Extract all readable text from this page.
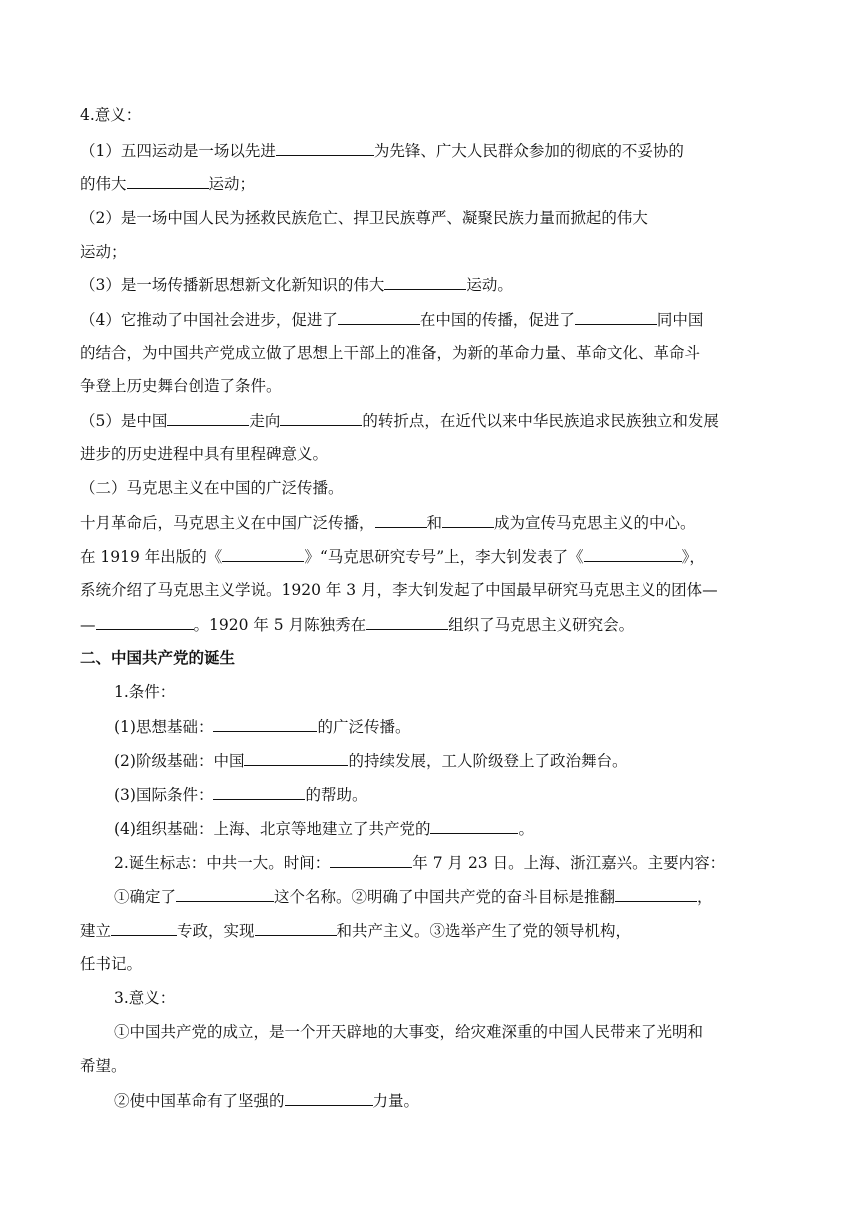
4.意义：
（1）五四运动是一场以先进	为先锋、广大人民群众参加的彻底的不妥协的
的伟大	运动；
（2）是一场中国人民为拯救民族危亡、捍卫民族尊严、凝聚民族力量而掀起的伟大
运动；
（3）是一场传播新思想新文化新知识的伟大	运动。
（4）它推动了中国社会进步，促进了	在中国的传播，促进了	同中国
的结合，为中国共产党成立做了思想上干部上的准备，为新的革命力量、革命文化、革命斗
争登上历史舞台创造了条件。
（5）是中国	走向	的转折点，在近代以来中华民族追求民族独立和发展
进步的历史进程中具有里程碑意义。
（二）马克思主义在中国的广泛传播。
十月革命后，马克思主义在中国广泛传播，	和	成为宣传马克思主义的中心。
在 1919 年出版的《	》“马克思研究专号”上，李大钊发表了《	》，
系统介绍了马克思主义学说。1920 年 3 月，李大钊发起了中国最早研究马克思主义的团体—
—	。1920 年 5 月陈独秀在	组织了马克思主义研究会。
二、中国共产党的诞生
1.条件：
(1)思想基础：	的广泛传播。
(2)阶级基础：中国	的持续发展，工人阶级登上了政治舞台。
(3)国际条件：	的帮助。
(4)组织基础：上海、北京等地建立了共产党的	。
2.诞生标志：中共一大。时间：	年 7 月 23 日。上海、浙江嘉兴。主要内容：
①确定了	这个名称。②明确了中国共产党的奋斗目标是推翻	，
建立	专政，实现	和共产主义。③选举产生了党的领导机构，
任书记。
3.意义：
①中国共产党的成立，是一个开天辟地的大事变，给灾难深重的中国人民带来了光明和
希望。
②使中国革命有了坚强的	力量。
